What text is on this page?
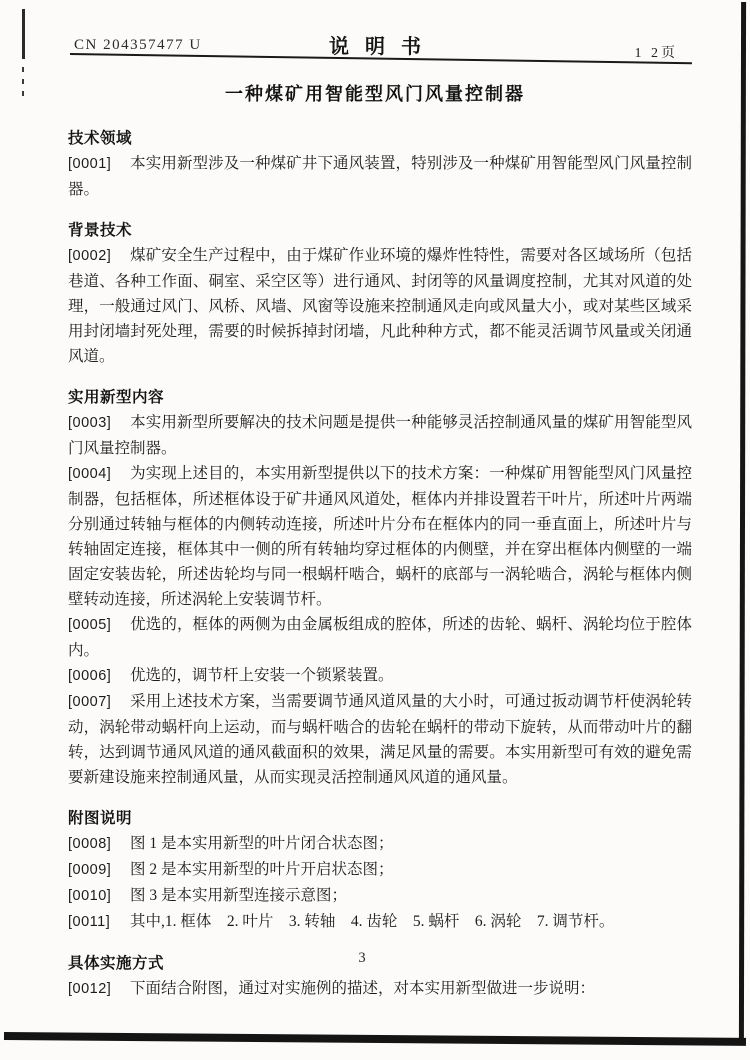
CN 204357477 U	说明书	1 2页
一种煤矿用智能型风门风量控制器
技术领域

[0001] 本实用新型涉及一种煤矿井下通风装置，特别涉及一种煤矿用智能型风门风量控制器。

背景技术

[0002] 煤矿安全生产过程中，由于煤矿作业环境的爆炸性特性，需要对各区域场所（包括巷道、各种工作面、硐室、采空区等）进行通风、封闭等的风量调度控制，尤其对风道的处理，一般通过风门、风桥、风墙、风窗等设施来控制通风走向或风量大小，或对某些区域采用封闭墙封死处理，需要的时候拆掉封闭墙，凡此种种方式，都不能灵活调节风量或关闭通风道。

实用新型内容

[0003] 本实用新型所要解决的技术问题是提供一种能够灵活控制通风量的煤矿用智能型风门风量控制器。

[0004] 为实现上述目的，本实用新型提供以下的技术方案：一种煤矿用智能型风门风量控制器，包括框体，所述框体设于矿井通风风道处，框体内并排设置若干叶片，所述叶片两端分别通过转轴与框体的内侧转动连接，所述叶片分布在框体内的同一垂直面上，所述叶片与转轴固定连接，框体其中一侧的所有转轴均穿过框体的内侧壁，并在穿出框体内侧壁的一端固定安装齿轮，所述齿轮均与同一根蜗杆啮合，蜗杆的底部与一涡轮啮合，涡轮与框体内侧壁转动连接，所述涡轮上安装调节杆。

[0005] 优选的，框体的两侧为由金属板组成的腔体，所述的齿轮、蜗杆、涡轮均位于腔体内。

[0006] 优选的，调节杆上安装一个锁紧装置。

[0007] 采用上述技术方案，当需要调节通风道风量的大小时，可通过扳动调节杆使涡轮转动，涡轮带动蜗杆向上运动，而与蜗杆啮合的齿轮在蜗杆的带动下旋转，从而带动叶片的翻转，达到调节通风风道的通风截面积的效果，满足风量的需要。本实用新型可有效的避免需要新建设施来控制通风量，从而实现灵活控制通风风道的通风量。

附图说明

[0008] 图 1 是本实用新型的叶片闭合状态图；

[0009] 图 2 是本实用新型的叶片开启状态图；

[0010] 图 3 是本实用新型连接示意图；

[0011] 其中,1. 框体　2. 叶片　3. 转轴　4. 齿轮　5. 蜗杆　6. 涡轮　7. 调节杆。

具体实施方式

[0012] 下面结合附图，通过对实施例的描述，对本实用新型做进一步说明：

3
